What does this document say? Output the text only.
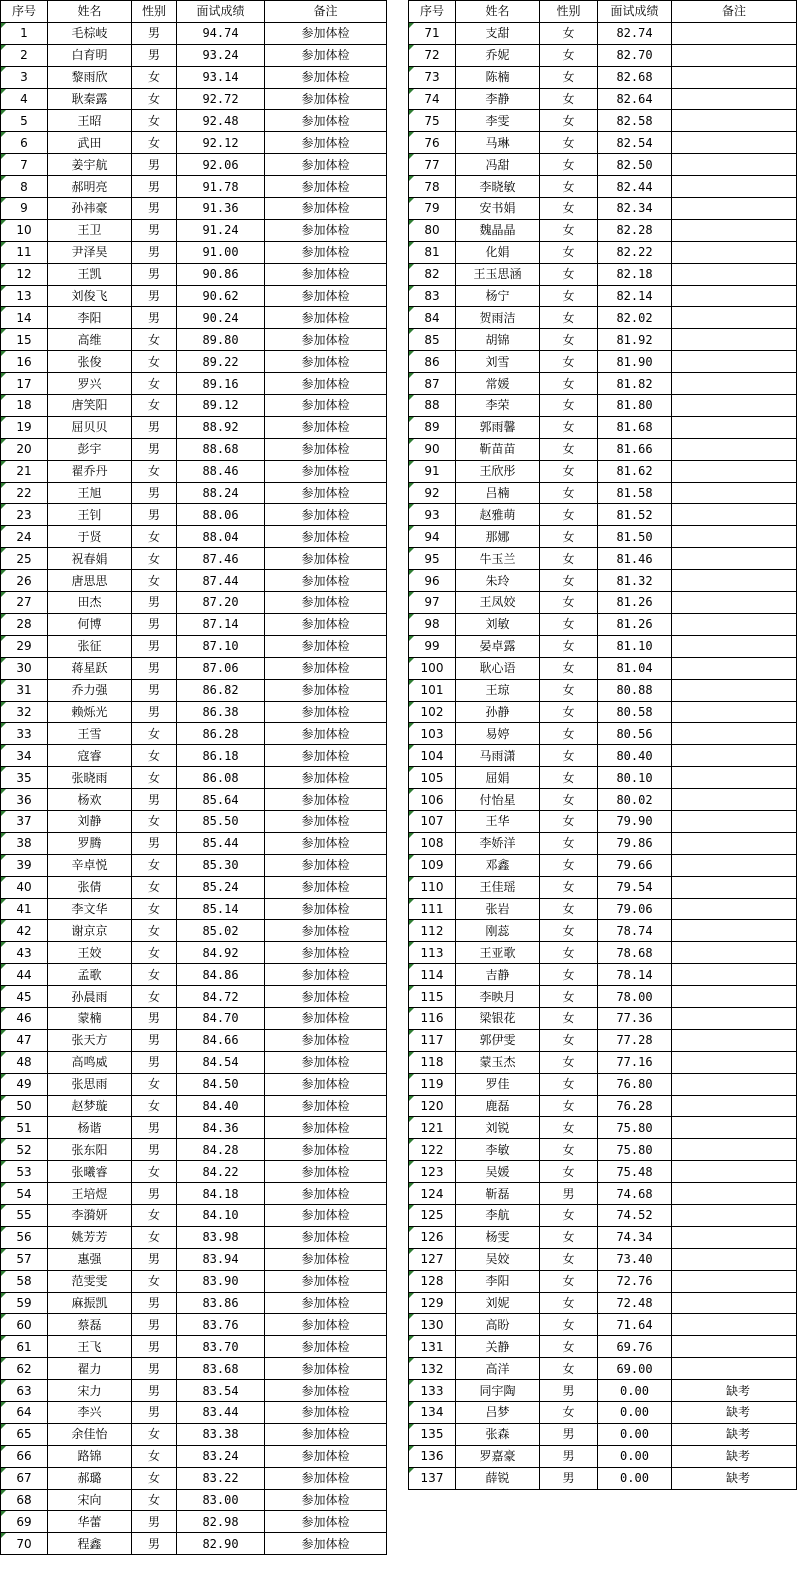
序号	姓名	性别	面试成绩	备注
1	毛棕岐	男	94.74	参加体检
2	白育明	男	93.24	参加体检
3	黎雨欣	女	93.14	参加体检
4	耿秦露	女	92.72	参加体检
5	王昭	女	92.48	参加体检
6	武田	女	92.12	参加体检
7	姜宇航	男	92.06	参加体检
8	郝明亮	男	91.78	参加体检
9	孙祎豪	男	91.36	参加体检
10	王卫	男	91.24	参加体检
11	尹泽昊	男	91.00	参加体检
12	王凯	男	90.86	参加体检
13	刘俊飞	男	90.62	参加体检
14	李阳	男	90.24	参加体检
15	高维	女	89.80	参加体检
16	张俊	女	89.22	参加体检
17	罗兴	女	89.16	参加体检
18	唐笑阳	女	89.12	参加体检
19	屈贝贝	男	88.92	参加体检
20	彭宇	男	88.68	参加体检
21	翟乔丹	女	88.46	参加体检
22	王旭	男	88.24	参加体检
23	王钊	男	88.06	参加体检
24	于贤	女	88.04	参加体检
25	祝春娟	女	87.46	参加体检
26	唐思思	女	87.44	参加体检
27	田杰	男	87.20	参加体检
28	何博	男	87.14	参加体检
29	张征	男	87.10	参加体检
30	蒋星跃	男	87.06	参加体检
31	乔力强	男	86.82	参加体检
32	赖烁光	男	86.38	参加体检
33	王雪	女	86.28	参加体检
34	寇睿	女	86.18	参加体检
35	张晓雨	女	86.08	参加体检
36	杨欢	男	85.64	参加体检
37	刘静	女	85.50	参加体检
38	罗腾	男	85.44	参加体检
39	辛卓悦	女	85.30	参加体检
40	张倩	女	85.24	参加体检
41	李文华	女	85.14	参加体检
42	谢京京	女	85.02	参加体检
43	王姣	女	84.92	参加体检
44	孟歌	女	84.86	参加体检
45	孙晨雨	女	84.72	参加体检
46	蒙楠	男	84.70	参加体检
47	张天方	男	84.66	参加体检
48	高鸣威	男	84.54	参加体检
49	张思雨	女	84.50	参加体检
50	赵梦璇	女	84.40	参加体检
51	杨谐	男	84.36	参加体检
52	张东阳	男	84.28	参加体检
53	张曦睿	女	84.22	参加体检
54	王培煜	男	84.18	参加体检
55	李漪妍	女	84.10	参加体检
56	姚芳芳	女	83.98	参加体检
57	惠强	男	83.94	参加体检
58	范雯雯	女	83.90	参加体检
59	麻振凯	男	83.86	参加体检
60	蔡磊	男	83.76	参加体检
61	王飞	男	83.70	参加体检
62	翟力	男	83.68	参加体检
63	宋力	男	83.54	参加体检
64	李兴	男	83.44	参加体检
65	余佳怡	女	83.38	参加体检
66	路锦	女	83.24	参加体检
67	郝璐	女	83.22	参加体检
68	宋向	女	83.00	参加体检
69	华蕾	男	82.98	参加体检
70	程鑫	男	82.90	参加体检
序号	姓名	性别	面试成绩	备注
71	支甜	女	82.74	
72	乔妮	女	82.70	
73	陈楠	女	82.68	
74	李静	女	82.64	
75	李雯	女	82.58	
76	马琳	女	82.54	
77	冯甜	女	82.50	
78	李晓敏	女	82.44	
79	安书娟	女	82.34	
80	魏晶晶	女	82.28	
81	化娟	女	82.22	
82	王玉思涵	女	82.18	
83	杨宁	女	82.14	
84	贺雨洁	女	82.02	
85	胡锦	女	81.92	
86	刘雪	女	81.90	
87	常媛	女	81.82	
88	李荣	女	81.80	
89	郭雨馨	女	81.68	
90	靳苗苗	女	81.66	
91	王欣彤	女	81.62	
92	吕楠	女	81.58	
93	赵雅萌	女	81.52	
94	那娜	女	81.50	
95	牛玉兰	女	81.46	
96	朱玲	女	81.32	
97	王凤姣	女	81.26	
98	刘敏	女	81.26	
99	晏卓露	女	81.10	
100	耿心语	女	81.04	
101	王琼	女	80.88	
102	孙静	女	80.58	
103	易婷	女	80.56	
104	马雨潇	女	80.40	
105	屈娟	女	80.10	
106	付怡星	女	80.02	
107	王华	女	79.90	
108	李娇洋	女	79.86	
109	邓鑫	女	79.66	
110	王佳瑶	女	79.54	
111	张岩	女	79.06	
112	刚蕊	女	78.74	
113	王亚歌	女	78.68	
114	吉静	女	78.14	
115	李映月	女	78.00	
116	梁银花	女	77.36	
117	郭伊雯	女	77.28	
118	蒙玉杰	女	77.16	
119	罗佳	女	76.80	
120	鹿磊	女	76.28	
121	刘锐	女	75.80	
122	李敏	女	75.80	
123	吴媛	女	75.48	
124	靳磊	男	74.68	
125	李航	女	74.52	
126	杨雯	女	74.34	
127	吴姣	女	73.40	
128	李阳	女	72.76	
129	刘妮	女	72.48	
130	高盼	女	71.64	
131	关静	女	69.76	
132	高洋	女	69.00	
133	同宇陶	男	0.00	缺考
134	吕梦	女	0.00	缺考
135	张森	男	0.00	缺考
136	罗嘉豪	男	0.00	缺考
137	薛锐	男	0.00	缺考
